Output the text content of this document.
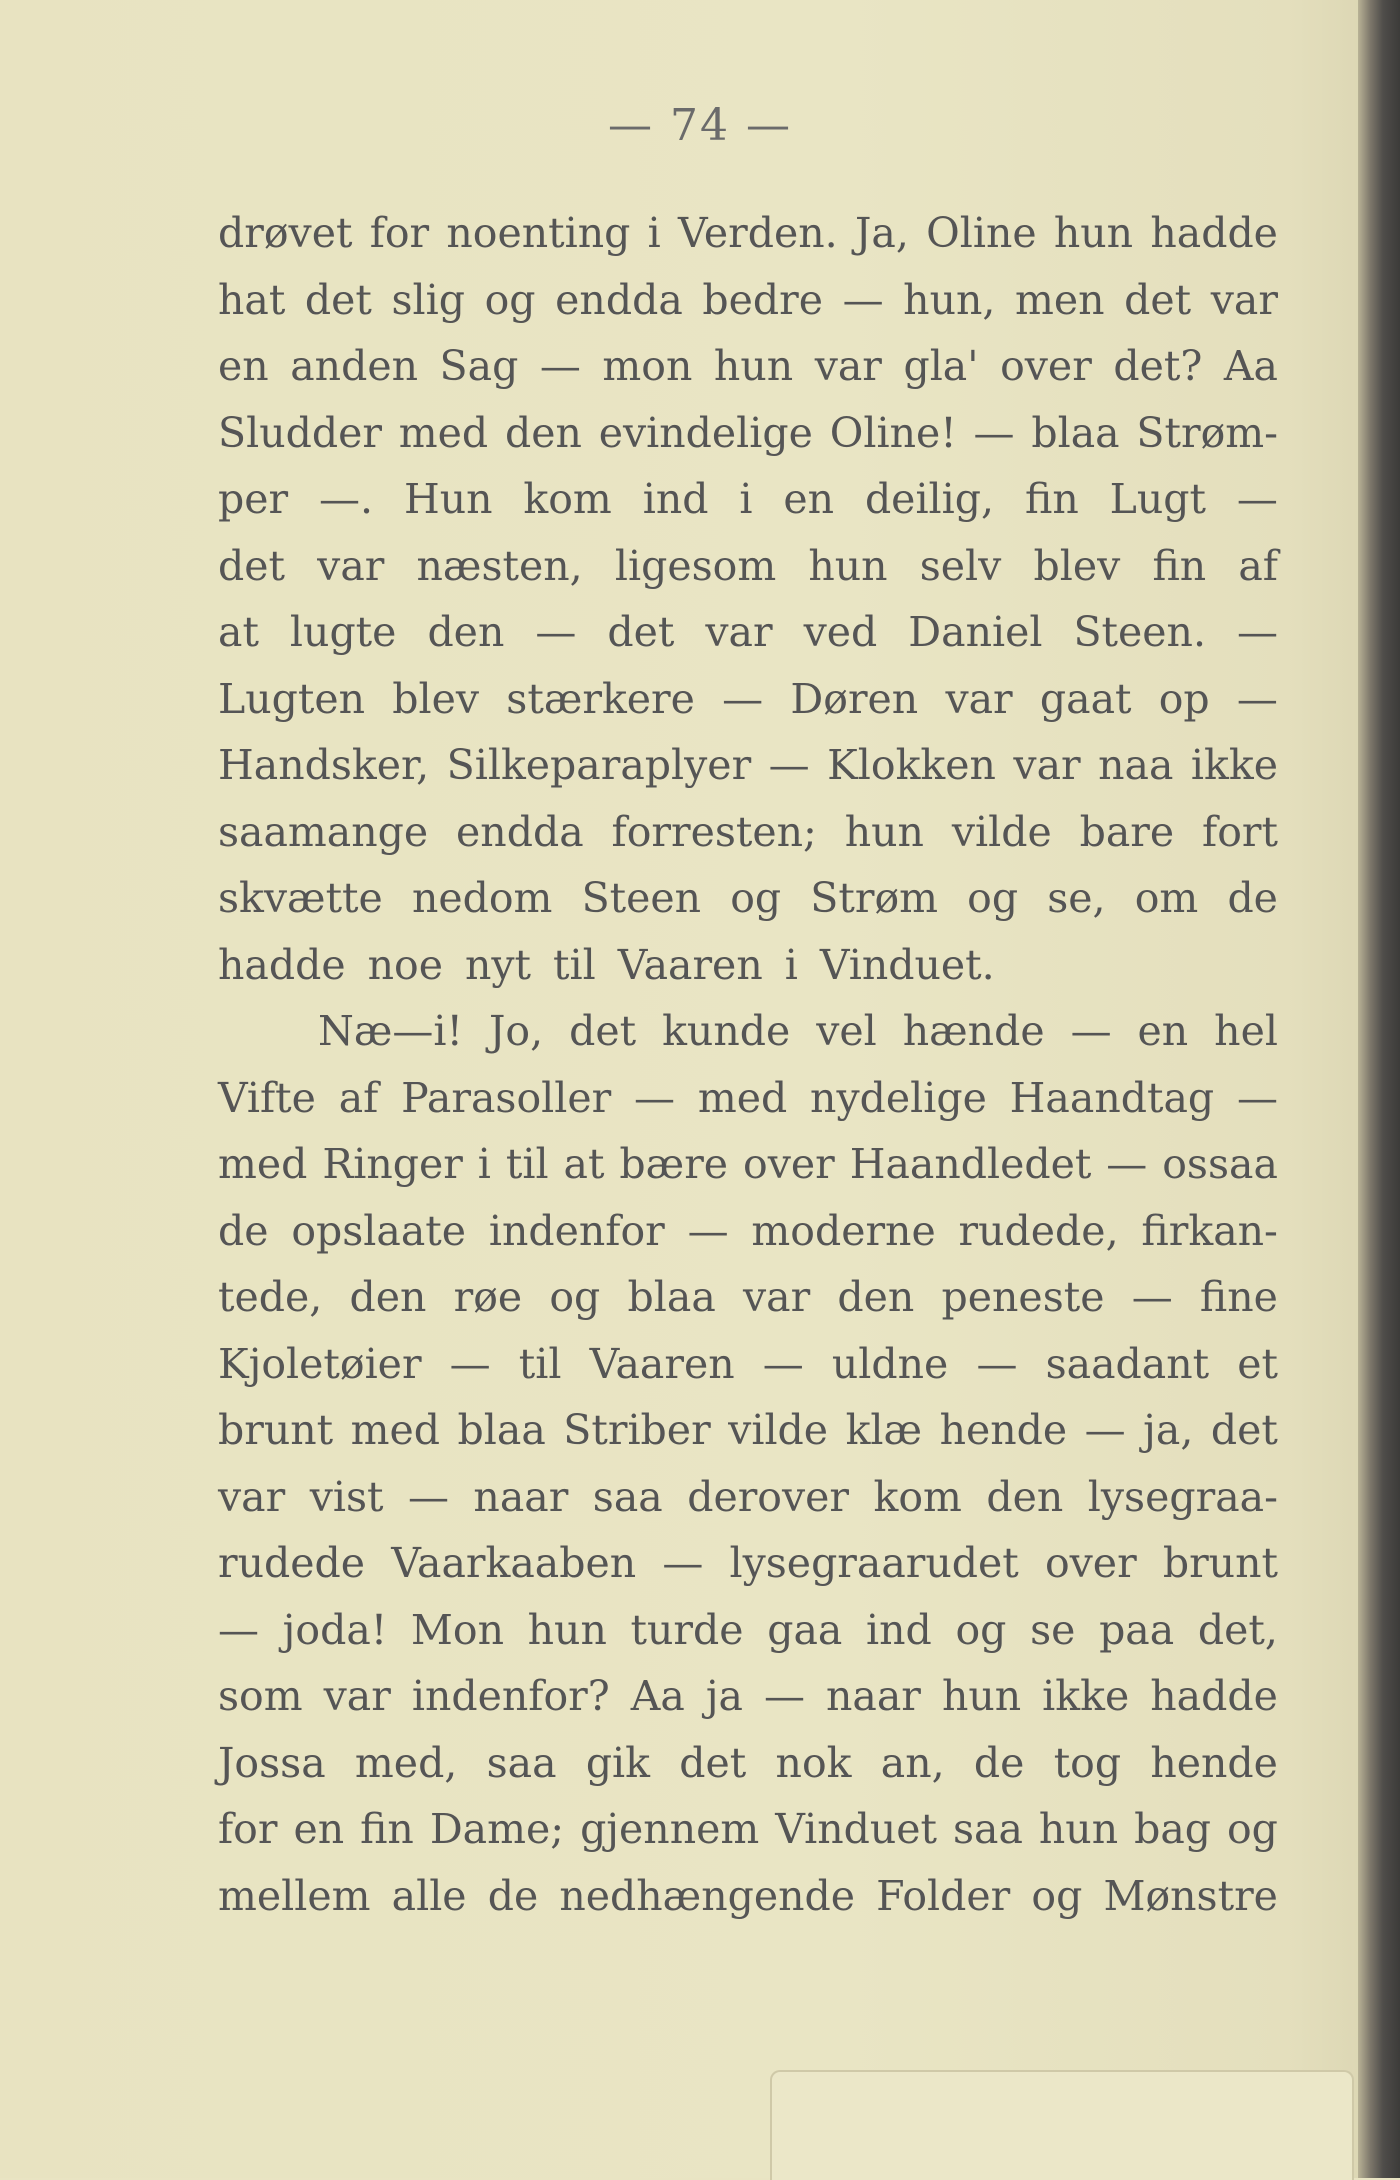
— 74 —
drøvet for noenting i Verden. Ja, Oline hun hadde
hat det slig og endda bedre — hun, men det var
en anden Sag — mon hun var gla' over det? Aa
Sludder med den evindelige Oline! — blaa Strøm-
per —. Hun kom ind i en deilig, fin Lugt —
det var næsten, ligesom hun selv blev fin af
at lugte den — det var ved Daniel Steen. —
Lugten blev stærkere — Døren var gaat op —
Handsker, Silkeparaplyer — Klokken var naa ikke
saamange endda forresten; hun vilde bare fort
skvætte nedom Steen og Strøm og se, om de
hadde noe nyt til Vaaren i Vinduet.
Næ—i! Jo, det kunde vel hænde — en hel
Vifte af Parasoller — med nydelige Haandtag —
med Ringer i til at bære over Haandledet — ossaa
de opslaate indenfor — moderne rudede, firkan-
tede, den røe og blaa var den peneste — fine
Kjoletøier — til Vaaren — uldne — saadant et
brunt med blaa Striber vilde klæ hende — ja, det
var vist — naar saa derover kom den lysegraa-
rudede Vaarkaaben — lysegraarudet over brunt
— joda! Mon hun turde gaa ind og se paa det,
som var indenfor? Aa ja — naar hun ikke hadde
Jossa med, saa gik det nok an, de tog hende
for en fin Dame; gjennem Vinduet saa hun bag og
mellem alle de nedhængende Folder og Mønstre
